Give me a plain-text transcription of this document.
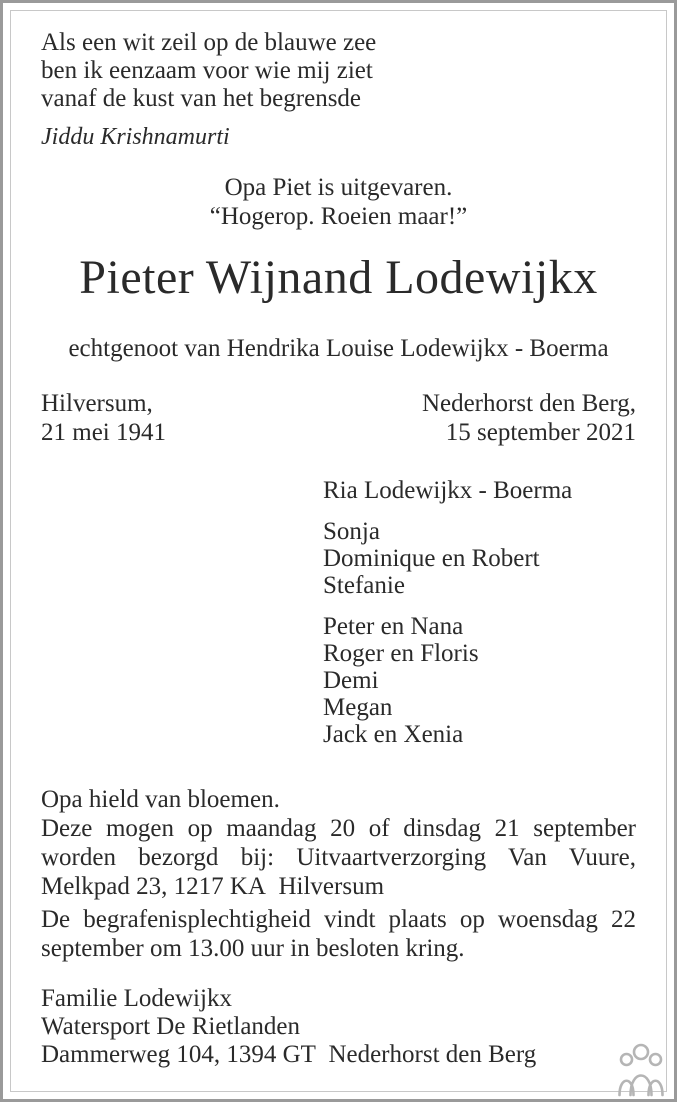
Als een wit zeil op de blauwe zee
ben ik eenzaam voor wie mij ziet
vanaf de kust van het begrensde
Jiddu Krishnamurti
Opa Piet is uitgevaren.
“Hogerop. Roeien maar!”
Pieter Wijnand Lodewijkx
echtgenoot van Hendrika Louise Lodewijkx - Boerma
Hilversum,
21 mei 1941
Nederhorst den Berg,
15 september 2021
Ria Lodewijkx - Boerma
Sonja
Dominique en Robert
Stefanie
Peter en Nana
Roger en Floris
Demi
Megan
Jack en Xenia
Opa hield van bloemen.
Deze mogen op maandag 20 of dinsdag 21 september worden bezorgd bij: Uitvaartverzorging Van Vuure, Melkpad 23, 1217 KA  Hilversum
De begrafenisplechtigheid vindt plaats op woensdag 22 september om 13.00 uur in besloten kring.
Familie Lodewijkx
Watersport De Rietlanden
Dammerweg 104, 1394 GT  Nederhorst den Berg
